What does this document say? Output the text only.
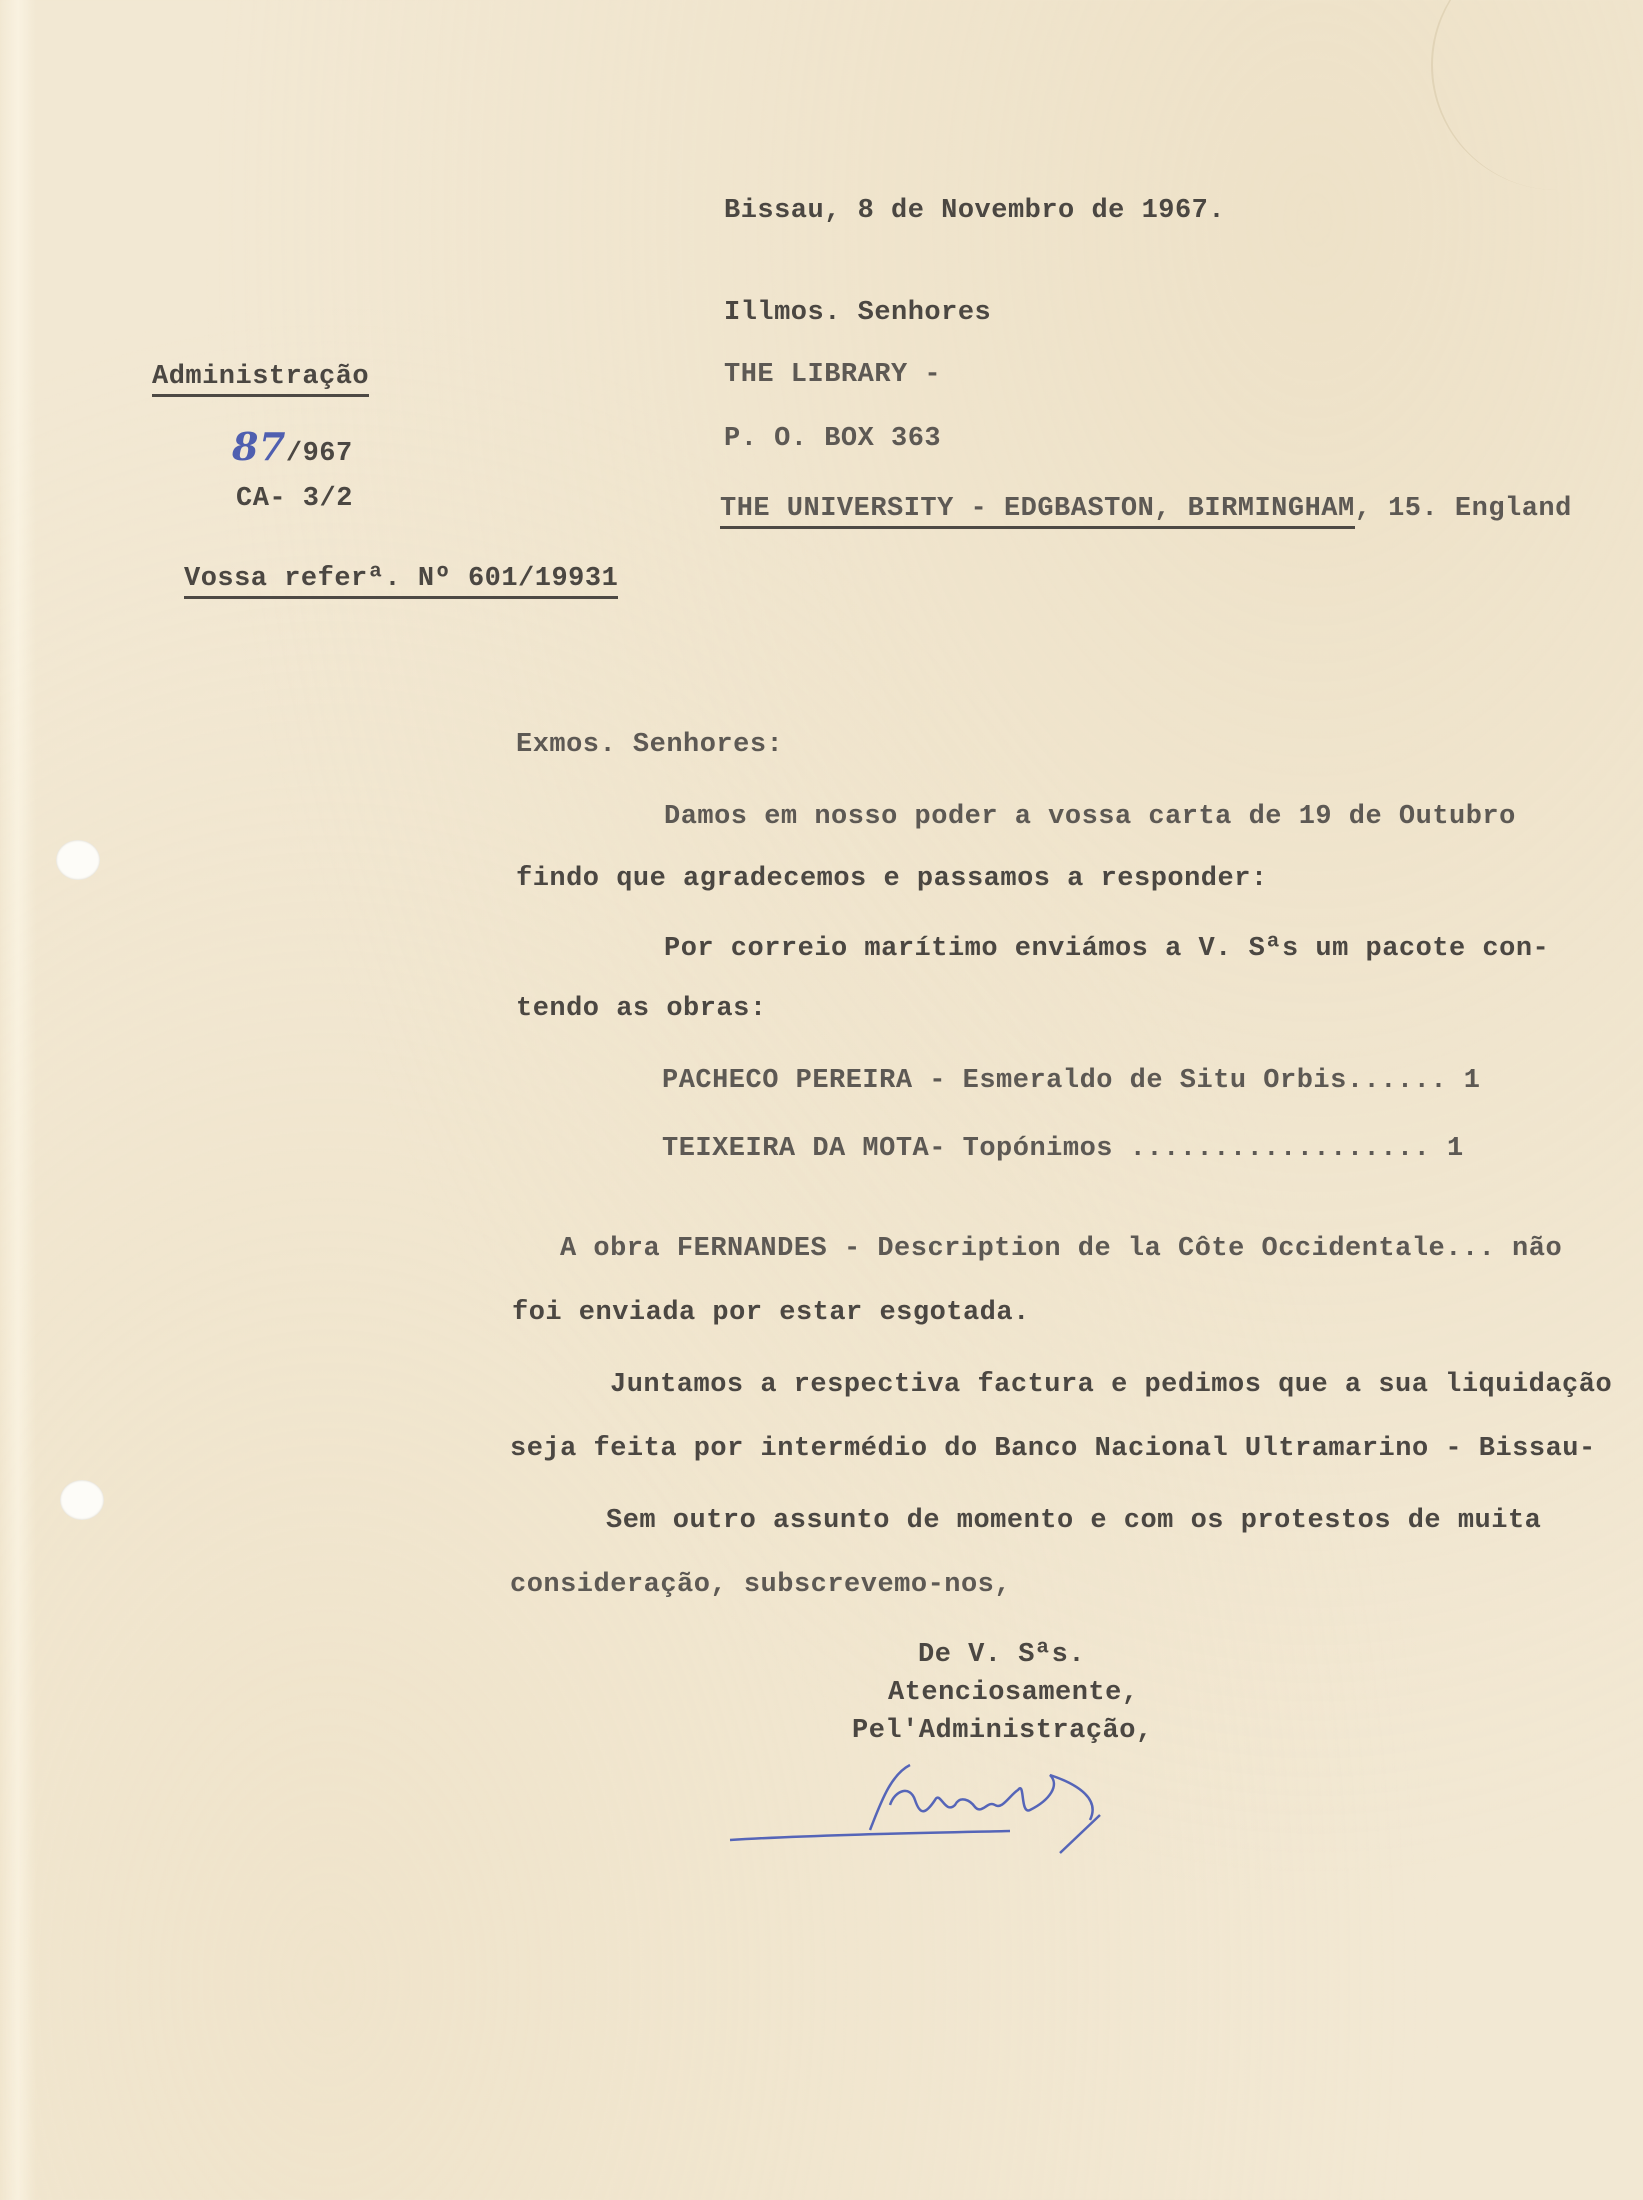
Bissau, 8 de Novembro de 1967.
Illmos. Senhores
THE LIBRARY -
P. O. BOX 363
THE UNIVERSITY - EDGBASTON, BIRMINGHAM, 15. England
Administração
87/967
CA- 3/2
Vossa referª. Nº 601/19931
Exmos. Senhores:
Damos em nosso poder a vossa carta de 19 de Outubro
findo que agradecemos e passamos a responder:
Por correio marítimo enviámos a V. Sªs um pacote con-
tendo as obras:
PACHECO PEREIRA - Esmeraldo de Situ Orbis...... 1
TEIXEIRA DA MOTA- Topónimos .................. 1
A obra FERNANDES - Description de la Côte Occidentale... não
foi enviada por estar esgotada.
Juntamos a respectiva factura e pedimos que a sua liquidação
seja feita por intermédio do Banco Nacional Ultramarino - Bissau-
Sem outro assunto de momento e com os protestos de muita
consideração, subscrevemo-nos,
De V. Sªs.
Atenciosamente,
Pel'Administração,
